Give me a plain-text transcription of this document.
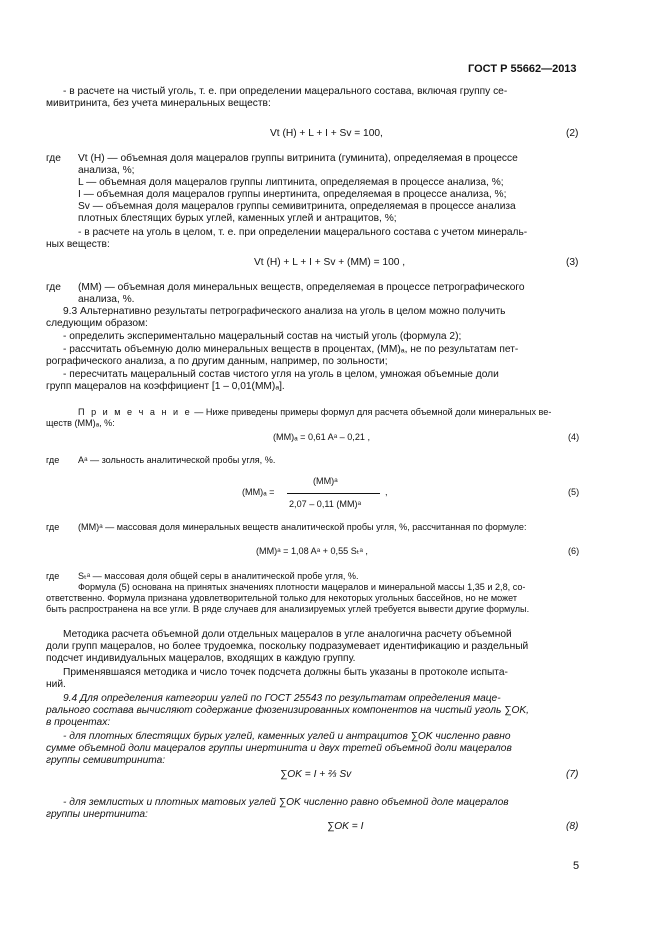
ГОСТ Р 55662—2013
- в расчете на чистый уголь, т. е. при определении мацерального состава, включая группу се-
мивитринита, без учета минеральных веществ:
Vt (H) + L + I + Sv = 100,	(2)
где Vt (H) — объемная доля мацералов группы витринита (гуминита), определяемая в процессе
анализа, %;
L — объемная доля мацералов группы липтинита, определяемая в процессе анализа, %;
I — объемная доля мацералов группы инертинита, определяемая в процессе анализа, %;
Sv — объемная доля мацералов группы семивитринита, определяемая в процессе анализа
плотных блестящих бурых углей, каменных углей и антрацитов, %;
- в расчете на уголь в целом, т. е. при определении мацерального состава с учетом минераль-
ных веществ:
Vt (H) + L + I + Sv + (MM) = 100 ,	(3)
где (MM) — объемная доля минеральных веществ, определяемая в процессе петрографического
анализа, %.
9.3 Альтернативно результаты петрографического анализа на уголь в целом можно получить
следующим образом:
- определить экспериментально мацеральный состав на чистый уголь (формула 2);
- рассчитать объемную долю минеральных веществ в процентах, (MM)ₐ, не по результатам пет-
рографического анализа, а по другим данным, например, по зольности;
- пересчитать мацеральный состав чистого угля на уголь в целом, умножая объемные доли
групп мацералов на коэффициент [1 – 0,01(MM)ₐ].
П р и м е ч а н и е — Ниже приведены примеры формул для расчета объемной доли минеральных ве-
ществ (MM)ₐ, %:
(MM)ₐ = 0,61 Aᵃ – 0,21 ,	(4)
где Aᵃ — зольность аналитической пробы угля, %.
(MM)ₐ =
(MM)ᵃ
2,07 – 0,11 (MM)ᵃ
,	(5)
где (MM)ᵃ — массовая доля минеральных веществ аналитической пробы угля, %, рассчитанная по формуле:
(MM)ᵃ = 1,08 Aᵃ + 0,55 Sₜᵃ ,	(6)
где Sₜᵃ — массовая доля общей серы в аналитической пробе угля, %.
Формула (5) основана на принятых значениях плотности мацералов и минеральной массы 1,35 и 2,8, со-
ответственно. Формула признана удовлетворительной только для некоторых угольных бассейнов, но не может
быть распространена на все угли. В ряде случаев для анализируемых углей требуется вывести другие формулы.
Методика расчета объемной доли отдельных мацералов в угле аналогична расчету объемной
доли групп мацералов, но более трудоемка, поскольку подразумевает идентификацию и раздельный
подсчет индивидуальных мацералов, входящих в каждую группу.
Применявшаяся методика и число точек подсчета должны быть указаны в протоколе испыта-
ний.
9.4 Для определения категории углей по ГОСТ 25543 по результатам определения маце-
рального состава вычисляют содержание фюзенизированных компонентов на чистый уголь ∑OK,
в процентах:
- для плотных блестящих бурых углей, каменных углей и антрацитов ∑OK численно равно
сумме объемной доли мацералов группы инертинита и двух третей объемной доли мацералов
группы семивитринита:
∑OK = I + ⅔ Sv	(7)
- для землистых и плотных матовых углей ∑OK численно равно объемной доле мацералов
группы инертинита:
∑OK = I	(8)
5
